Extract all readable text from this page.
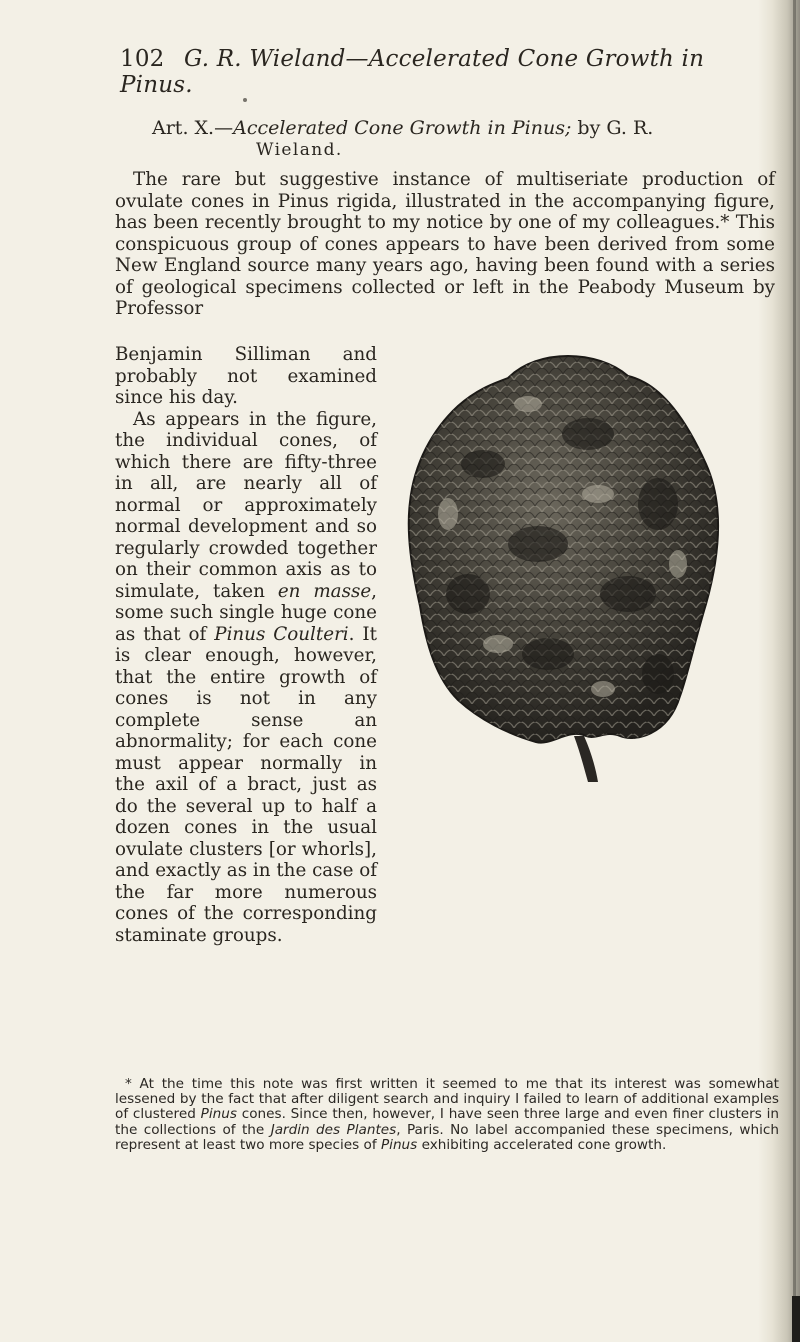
102 G. R. Wieland—Accelerated Cone Growth in Pinus.
Art. X.—Accelerated Cone Growth in Pinus; by G. R.
Wieland.
The rare but suggestive instance of multiseriate production of ovulate cones in Pinus rigida, illustrated in the accompanying figure, has been recently brought to my notice by one of my colleagues.* This conspicuous group of cones appears to have been derived from some New England source many years ago, having been found with a series of geological specimens collected or left in the Peabody Museum by Professor

Benjamin Silliman and probably not examined since his day.

As appears in the figure, the individual cones, of which there are fifty-three in all, are nearly all of normal or approximately normal development and so regularly crowded together on their common axis as to simulate, taken en masse, some such single huge cone as that of Pinus Coulteri. It is clear enough, however, that the entire growth of cones is not in any complete sense an abnormality; for each cone must appear normally in the axil of a bract, just as do the several up to half a dozen cones in the usual ovulate clusters [or whorls], and exactly as in the case of the far more numerous cones of the corresponding staminate groups.

* At the time this note was first written it seemed to me that its interest was somewhat lessened by the fact that after diligent search and inquiry I failed to learn of additional examples of clustered Pinus cones. Since then, however, I have seen three large and even finer clusters in the collections of the Jardin des Plantes, Paris. No label accompanied these specimens, which represent at least two more species of Pinus exhibiting accelerated cone growth.
